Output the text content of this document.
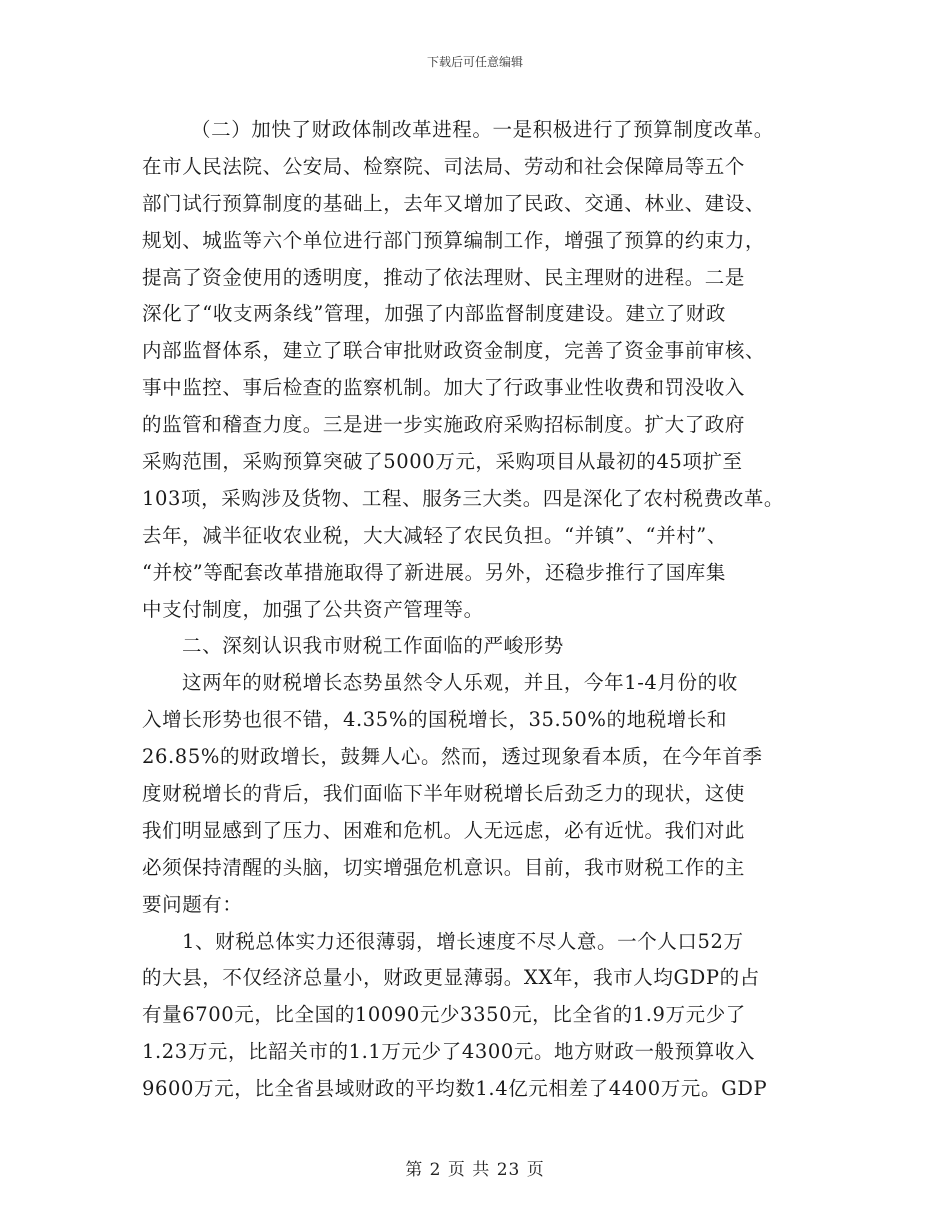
下载后可任意编辑
（二）加快了财政体制改革进程。一是积极进行了预算制度改革。
在市人民法院、公安局、检察院、司法局、劳动和社会保障局等五个
部门试行预算制度的基础上，去年又增加了民政、交通、林业、建设、
规划、城监等六个单位进行部门预算编制工作，增强了预算的约束力，
提高了资金使用的透明度，推动了依法理财、民主理财的进程。二是
深化了“收支两条线”管理，加强了内部监督制度建设。建立了财政
内部监督体系，建立了联合审批财政资金制度，完善了资金事前审核、
事中监控、事后检查的监察机制。加大了行政事业性收费和罚没收入
的监管和稽查力度。三是进一步实施政府采购招标制度。扩大了政府
采购范围，采购预算突破了5000万元，采购项目从最初的45项扩至
103项，采购涉及货物、工程、服务三大类。四是深化了农村税费改革。
去年，减半征收农业税，大大减轻了农民负担。“并镇”、“并村”、
“并校”等配套改革措施取得了新进展。另外，还稳步推行了国库集
中支付制度，加强了公共资产管理等。
二、深刻认识我市财税工作面临的严峻形势
这两年的财税增长态势虽然令人乐观，并且，今年1-4月份的收
入增长形势也很不错，4.35%的国税增长，35.50%的地税增长和
26.85%的财政增长，鼓舞人心。然而，透过现象看本质，在今年首季
度财税增长的背后，我们面临下半年财税增长后劲乏力的现状，这使
我们明显感到了压力、困难和危机。人无远虑，必有近忧。我们对此
必须保持清醒的头脑，切实增强危机意识。目前，我市财税工作的主
要问题有：
1、财税总体实力还很薄弱，增长速度不尽人意。一个人口52万
的大县，不仅经济总量小，财政更显薄弱。XX年，我市人均GDP的占
有量6700元，比全国的10090元少3350元，比全省的1.9万元少了
1.23万元，比韶关市的1.1万元少了4300元。地方财政一般预算收入
9600万元，比全省县域财政的平均数1.4亿元相差了4400万元。GDP
第 2 页 共 23 页
